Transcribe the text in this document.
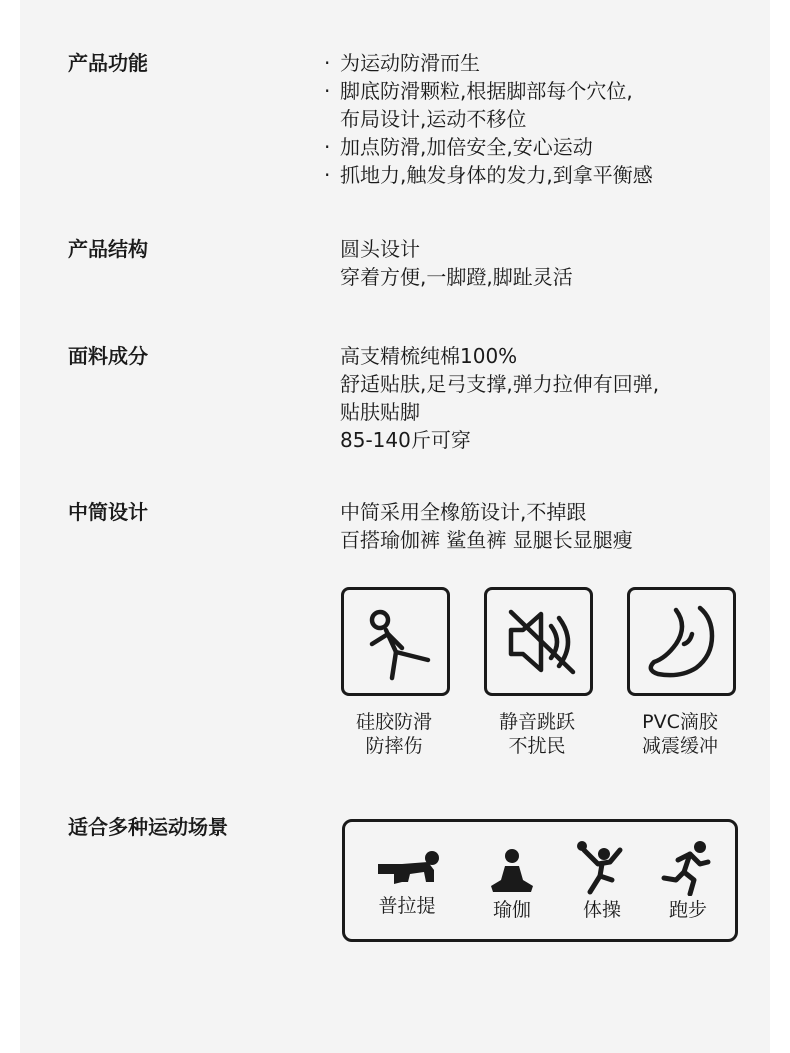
产品功能	· 为运动防滑而生
· 脚底防滑颗粒,根据脚部每个穴位,
布局设计,运动不移位
· 加点防滑,加倍安全,安心运动
· 抓地力,触发身体的发力,到拿平衡感
产品结构	圆头设计
穿着方便,一脚蹬,脚趾灵活
面料成分	高支精梳纯棉100%
舒适贴肤,足弓支撑,弹力拉伸有回弹,
贴肤贴脚
85-140斤可穿
中筒设计	中简采用全橡筋设计,不掉跟
百搭瑜伽裤 鲨鱼裤 显腿长显腿瘦
硅胶防滑
防摔伤
静音跳跃
不扰民
PVC滴胶
减震缓冲
适合多种运动场景
普拉提	瑜伽	体操	跑步
